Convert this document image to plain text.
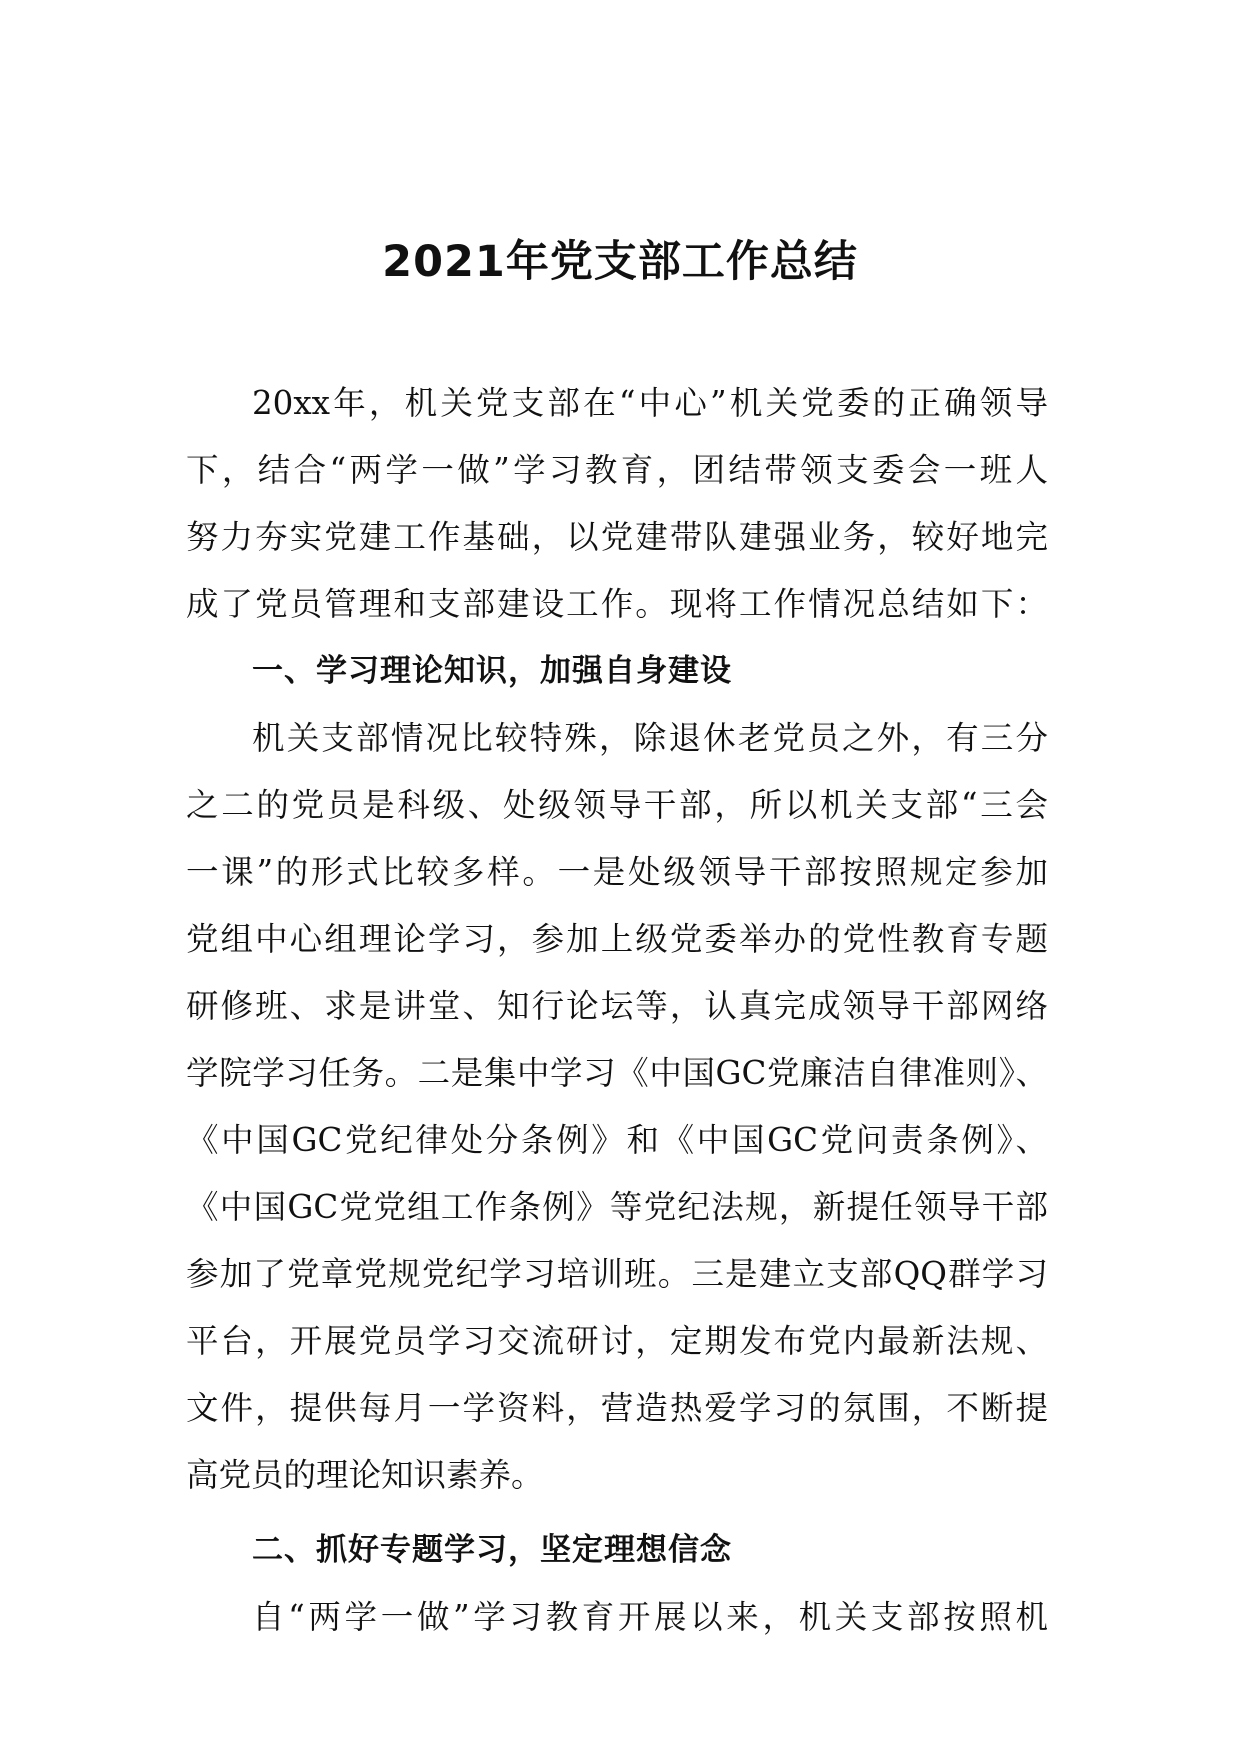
2021年党支部工作总结
20xx年，机关党支部在“中心”机关党委的正确领导
下，结合“两学一做”学习教育，团结带领支委会一班人
努力夯实党建工作基础，以党建带队建强业务，较好地完
成了党员管理和支部建设工作。现将工作情况总结如下：
一、学习理论知识，加强自身建设
机关支部情况比较特殊，除退休老党员之外，有三分
之二的党员是科级、处级领导干部，所以机关支部“三会
一课”的形式比较多样。一是处级领导干部按照规定参加
党组中心组理论学习，参加上级党委举办的党性教育专题
研修班、求是讲堂、知行论坛等，认真完成领导干部网络
学院学习任务。二是集中学习《中国GC党廉洁自律准则》、
《中国GC党纪律处分条例》和《中国GC党问责条例》、
《中国GC党党组工作条例》等党纪法规，新提任领导干部
参加了党章党规党纪学习培训班。三是建立支部QQ群学习
平台，开展党员学习交流研讨，定期发布党内最新法规、
文件，提供每月一学资料，营造热爱学习的氛围，不断提
高党员的理论知识素养。
二、抓好专题学习，坚定理想信念
自“两学一做”学习教育开展以来，机关支部按照机
